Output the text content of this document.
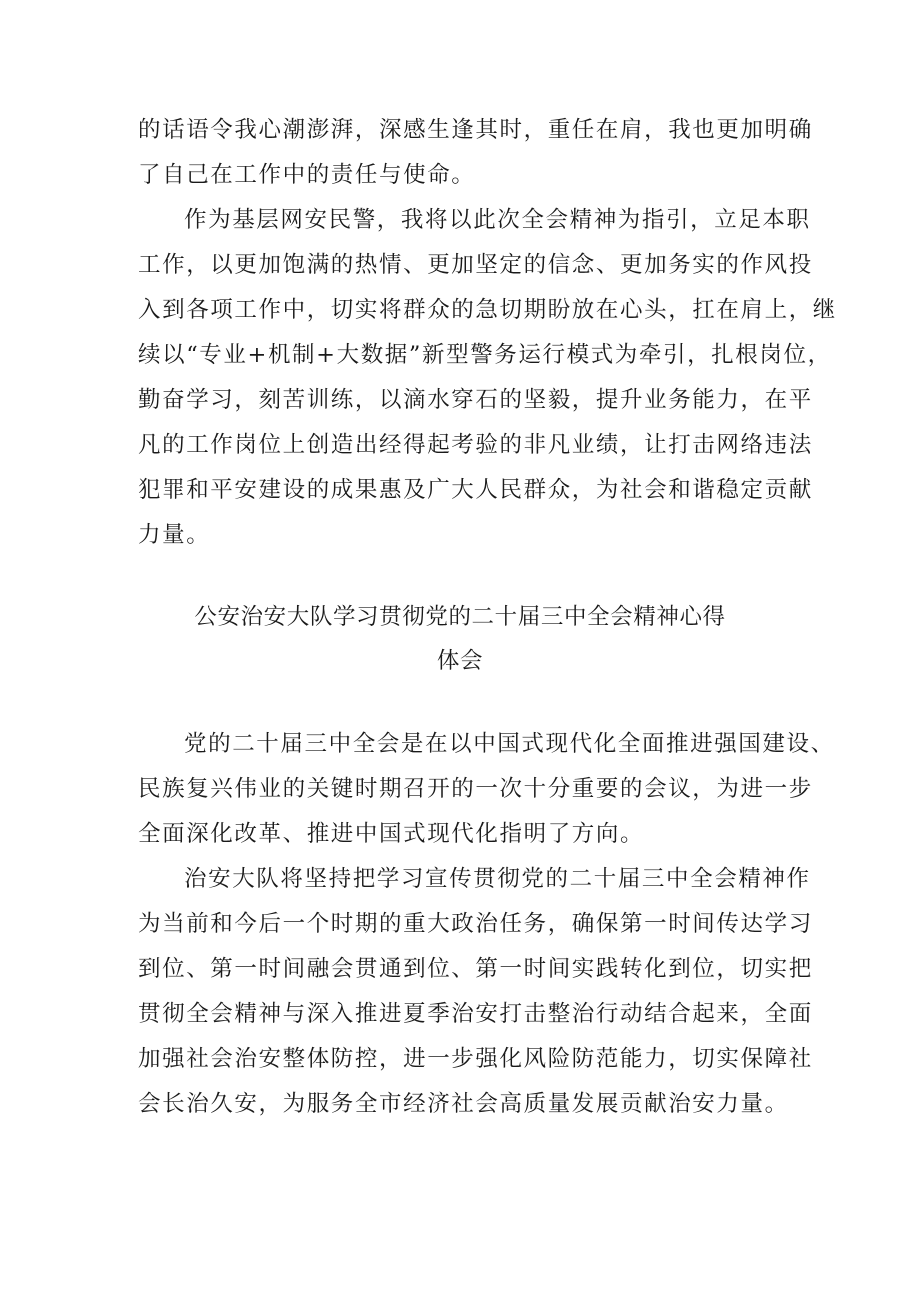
的话语令我心潮澎湃，深感生逢其时，重任在肩，我也更加明确
了自己在工作中的责任与使命。
作为基层网安民警，我将以此次全会精神为指引，立足本职
工作，以更加饱满的热情、更加坚定的信念、更加务实的作风投
入到各项工作中，切实将群众的急切期盼放在心头，扛在肩上，继
续以“专业+机制+大数据”新型警务运行模式为牵引，扎根岗位，
勤奋学习，刻苦训练，以滴水穿石的坚毅，提升业务能力，在平
凡的工作岗位上创造出经得起考验的非凡业绩，让打击网络违法
犯罪和平安建设的成果惠及广大人民群众，为社会和谐稳定贡献
力量。
公安治安大队学习贯彻党的二十届三中全会精神心得
体会
党的二十届三中全会是在以中国式现代化全面推进强国建设、
民族复兴伟业的关键时期召开的一次十分重要的会议，为进一步
全面深化改革、推进中国式现代化指明了方向。
治安大队将坚持把学习宣传贯彻党的二十届三中全会精神作
为当前和今后一个时期的重大政治任务，确保第一时间传达学习
到位、第一时间融会贯通到位、第一时间实践转化到位，切实把
贯彻全会精神与深入推进夏季治安打击整治行动结合起来，全面
加强社会治安整体防控，进一步强化风险防范能力，切实保障社
会长治久安，为服务全市经济社会高质量发展贡献治安力量。
